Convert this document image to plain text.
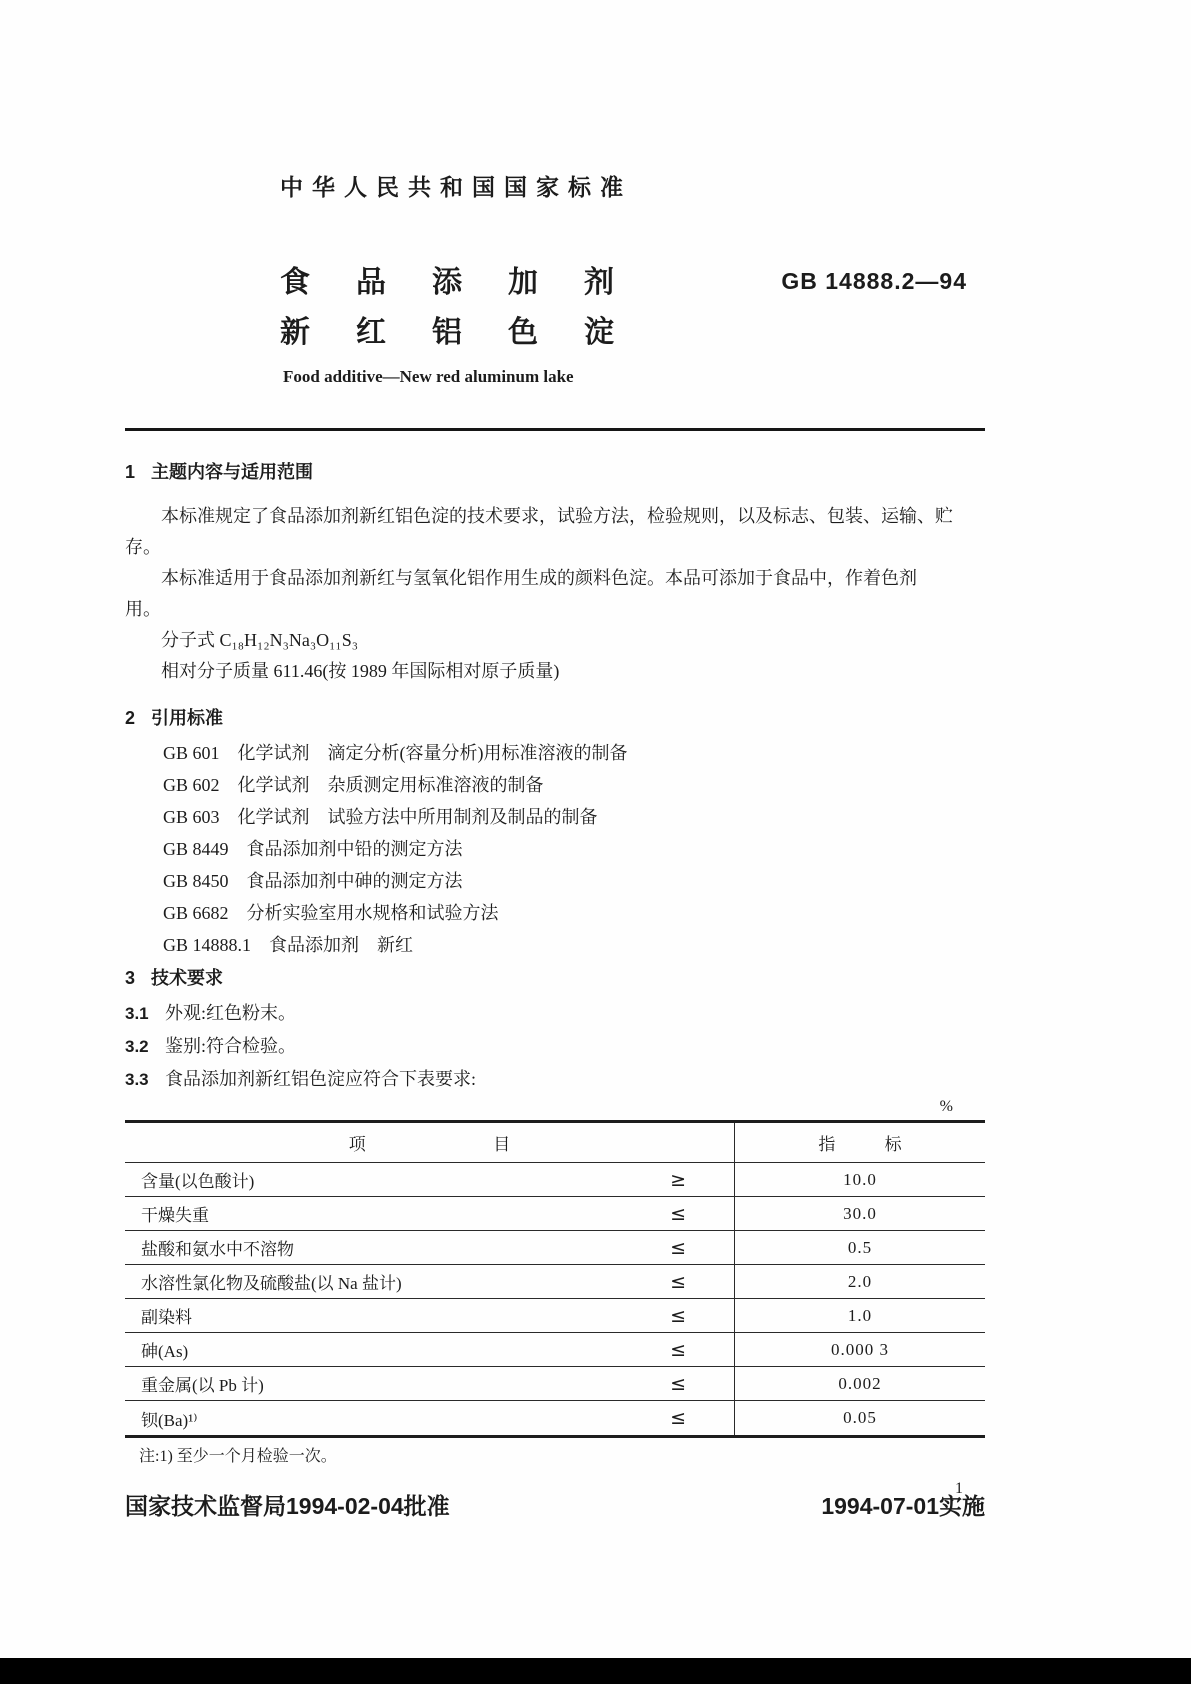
中华人民共和国国家标准
食品添加剂
新红铝色淀
GB 14888.2—94
Food additive—New red aluminum lake
1 主题内容与适用范围

本标准规定了食品添加剂新红铝色淀的技术要求，试验方法，检验规则，以及标志、包装、运输、贮存。

本标准适用于食品添加剂新红与氢氧化铝作用生成的颜料色淀。本品可添加于食品中，作着色剂

用。

分子式 C₁₈H₁₂N₃Na₃O₁₁S₃

相对分子质量 611.46(按 1989 年国际相对原子质量)

2 引用标准

GB 601　化学试剂　滴定分析(容量分析)用标准溶液的制备

GB 602　化学试剂　杂质测定用标准溶液的制备

GB 603　化学试剂　试验方法中所用制剂及制品的制备

GB 8449　食品添加剂中铅的测定方法

GB 8450　食品添加剂中砷的测定方法

GB 6682　分析实验室用水规格和试验方法

GB 14888.1　食品添加剂　新红

3 技术要求
3.1 外观:红色粉末。
3.2 鉴别:符合检验。
3.3 食品添加剂新红铝色淀应符合下表要求:
%
项目	指标
含量(以色酸计)	≥	10.0
干燥失重	≤	30.0
盐酸和氨水中不溶物	≤	0.5
水溶性氯化物及硫酸盐(以 Na 盐计)	≤	2.0
副染料	≤	1.0
砷(As)	≤	0.000 3
重金属(以 Pb 计)	≤	0.002
钡(Ba)¹⁾	≤	0.05

注:1) 至少一个月检验一次。

国家技术监督局1994-02-04批准	1994-07-01实施
1
